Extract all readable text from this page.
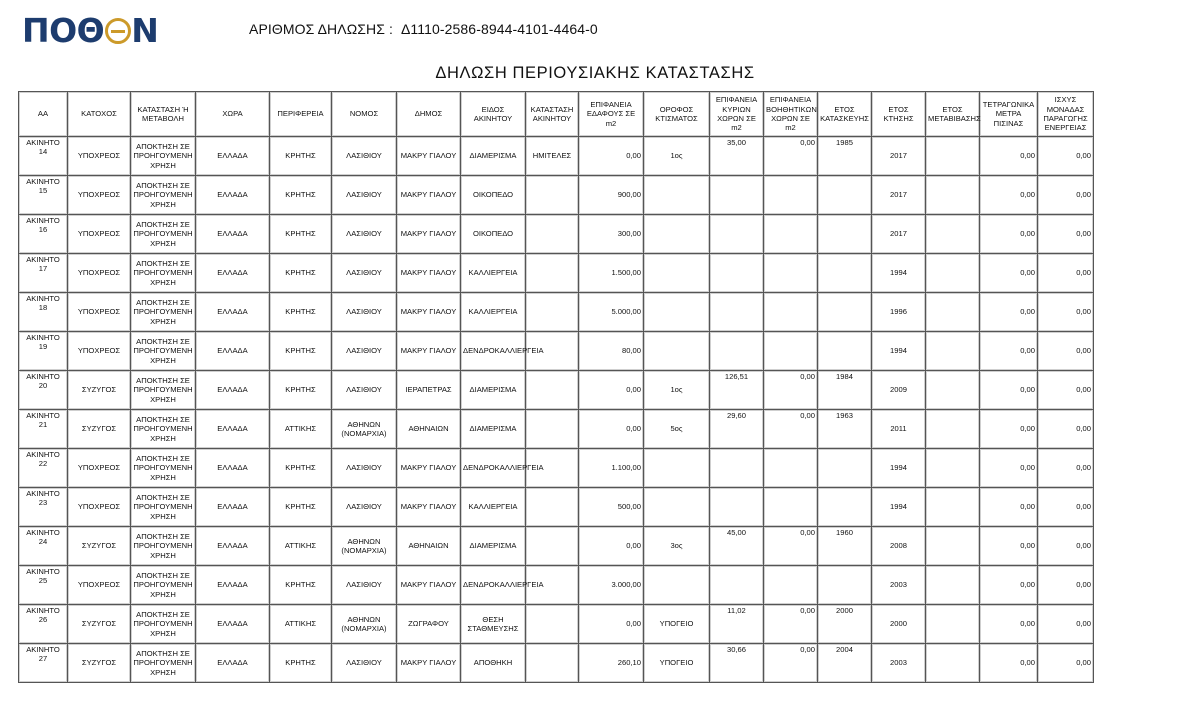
ΠΟΘ Ν	ΑΡΙΘΜΟΣ ΔΗΛΩΣΗΣ : Δ1110-2586-8944-4101-4464-0
ΔΗΛΩΣΗ ΠΕΡΙΟΥΣΙΑΚΗΣ ΚΑΤΑΣΤΑΣΗΣ
ΑΑ	ΚΑΤΟΧΟΣ	ΚΑΤΑΣΤΑΣΗ Ή ΜΕΤΑΒΟΛΗ	ΧΩΡΑ	ΠΕΡΙΦΕΡΕΙΑ	ΝΟΜΟΣ	ΔΗΜΟΣ	ΕΙΔΟΣ ΑΚΙΝΗΤΟΥ	ΚΑΤΑΣΤΑΣΗ ΑΚΙΝΗΤΟΥ	ΕΠΙΦΑΝΕΙΑ ΕΔΑΦΟΥΣ ΣΕ m2	ΟΡΟΦΟΣ ΚΤΙΣΜΑΤΟΣ	ΕΠΙΦΑΝΕΙΑ ΚΥΡΙΩΝ ΧΩΡΩΝ ΣΕ m2	ΕΠΙΦΑΝΕΙΑ ΒΟΗΘΗΤΙΚΩΝ ΧΩΡΩΝ ΣΕ m2	ΕΤΟΣ ΚΑΤΑΣΚΕΥΗΣ	ΕΤΟΣ ΚΤΗΣΗΣ	ΕΤΟΣ ΜΕΤΑΒΙΒΑΣΗΣ	ΤΕΤΡΑΓΩΝΙΚΑ ΜΕΤΡΑ ΠΙΣΙΝΑΣ	ΙΣΧΥΣ ΜΟΝΑΔΑΣ ΠΑΡΑΓΩΓΗΣ ΕΝΕΡΓΕΙΑΣ
ΑΚΙΝΗΤΟ 14	ΥΠΟΧΡΕΟΣ	ΑΠΟΚΤΗΣΗ ΣΕ ΠΡΟΗΓΟΥΜΕΝΗ ΧΡΗΣΗ	ΕΛΛΑΔΑ	ΚΡΗΤΗΣ	ΛΑΣΙΘΙΟΥ	ΜΑΚΡΥ ΓΙΑΛΟΥ	ΔΙΑΜΕΡΙΣΜΑ	ΗΜΙΤΕΛΕΣ	0,00	1ος	35,00	0,00	1985	2017		0,00	0,00
ΑΚΙΝΗΤΟ 15	ΥΠΟΧΡΕΟΣ	ΑΠΟΚΤΗΣΗ ΣΕ ΠΡΟΗΓΟΥΜΕΝΗ ΧΡΗΣΗ	ΕΛΛΑΔΑ	ΚΡΗΤΗΣ	ΛΑΣΙΘΙΟΥ	ΜΑΚΡΥ ΓΙΑΛΟΥ	ΟΙΚΟΠΕΔΟ		900,00					2017		0,00	0,00
ΑΚΙΝΗΤΟ 16	ΥΠΟΧΡΕΟΣ	ΑΠΟΚΤΗΣΗ ΣΕ ΠΡΟΗΓΟΥΜΕΝΗ ΧΡΗΣΗ	ΕΛΛΑΔΑ	ΚΡΗΤΗΣ	ΛΑΣΙΘΙΟΥ	ΜΑΚΡΥ ΓΙΑΛΟΥ	ΟΙΚΟΠΕΔΟ		300,00					2017		0,00	0,00
ΑΚΙΝΗΤΟ 17	ΥΠΟΧΡΕΟΣ	ΑΠΟΚΤΗΣΗ ΣΕ ΠΡΟΗΓΟΥΜΕΝΗ ΧΡΗΣΗ	ΕΛΛΑΔΑ	ΚΡΗΤΗΣ	ΛΑΣΙΘΙΟΥ	ΜΑΚΡΥ ΓΙΑΛΟΥ	ΚΑΛΛΙΕΡΓΕΙΑ		1.500,00					1994		0,00	0,00
ΑΚΙΝΗΤΟ 18	ΥΠΟΧΡΕΟΣ	ΑΠΟΚΤΗΣΗ ΣΕ ΠΡΟΗΓΟΥΜΕΝΗ ΧΡΗΣΗ	ΕΛΛΑΔΑ	ΚΡΗΤΗΣ	ΛΑΣΙΘΙΟΥ	ΜΑΚΡΥ ΓΙΑΛΟΥ	ΚΑΛΛΙΕΡΓΕΙΑ		5.000,00					1996		0,00	0,00
ΑΚΙΝΗΤΟ 19	ΥΠΟΧΡΕΟΣ	ΑΠΟΚΤΗΣΗ ΣΕ ΠΡΟΗΓΟΥΜΕΝΗ ΧΡΗΣΗ	ΕΛΛΑΔΑ	ΚΡΗΤΗΣ	ΛΑΣΙΘΙΟΥ	ΜΑΚΡΥ ΓΙΑΛΟΥ	ΔΕΝΔΡΟΚΑΛΛΙΕΡΓΕΙΑ		80,00					1994		0,00	0,00
ΑΚΙΝΗΤΟ 20	ΣΥΖΥΓΟΣ	ΑΠΟΚΤΗΣΗ ΣΕ ΠΡΟΗΓΟΥΜΕΝΗ ΧΡΗΣΗ	ΕΛΛΑΔΑ	ΚΡΗΤΗΣ	ΛΑΣΙΘΙΟΥ	ΙΕΡΑΠΕΤΡΑΣ	ΔΙΑΜΕΡΙΣΜΑ		0,00	1ος	126,51	0,00	1984	2009		0,00	0,00
ΑΚΙΝΗΤΟ 21	ΣΥΖΥΓΟΣ	ΑΠΟΚΤΗΣΗ ΣΕ ΠΡΟΗΓΟΥΜΕΝΗ ΧΡΗΣΗ	ΕΛΛΑΔΑ	ΑΤΤΙΚΗΣ	ΑΘΗΝΩΝ (ΝΟΜΑΡΧΙΑ)	ΑΘΗΝΑΙΩΝ	ΔΙΑΜΕΡΙΣΜΑ		0,00	5ος	29,60	0,00	1963	2011		0,00	0,00
ΑΚΙΝΗΤΟ 22	ΥΠΟΧΡΕΟΣ	ΑΠΟΚΤΗΣΗ ΣΕ ΠΡΟΗΓΟΥΜΕΝΗ ΧΡΗΣΗ	ΕΛΛΑΔΑ	ΚΡΗΤΗΣ	ΛΑΣΙΘΙΟΥ	ΜΑΚΡΥ ΓΙΑΛΟΥ	ΔΕΝΔΡΟΚΑΛΛΙΕΡΓΕΙΑ		1.100,00					1994		0,00	0,00
ΑΚΙΝΗΤΟ 23	ΥΠΟΧΡΕΟΣ	ΑΠΟΚΤΗΣΗ ΣΕ ΠΡΟΗΓΟΥΜΕΝΗ ΧΡΗΣΗ	ΕΛΛΑΔΑ	ΚΡΗΤΗΣ	ΛΑΣΙΘΙΟΥ	ΜΑΚΡΥ ΓΙΑΛΟΥ	ΚΑΛΛΙΕΡΓΕΙΑ		500,00					1994		0,00	0,00
ΑΚΙΝΗΤΟ 24	ΣΥΖΥΓΟΣ	ΑΠΟΚΤΗΣΗ ΣΕ ΠΡΟΗΓΟΥΜΕΝΗ ΧΡΗΣΗ	ΕΛΛΑΔΑ	ΑΤΤΙΚΗΣ	ΑΘΗΝΩΝ (ΝΟΜΑΡΧΙΑ)	ΑΘΗΝΑΙΩΝ	ΔΙΑΜΕΡΙΣΜΑ		0,00	3ος	45,00	0,00	1960	2008		0,00	0,00
ΑΚΙΝΗΤΟ 25	ΥΠΟΧΡΕΟΣ	ΑΠΟΚΤΗΣΗ ΣΕ ΠΡΟΗΓΟΥΜΕΝΗ ΧΡΗΣΗ	ΕΛΛΑΔΑ	ΚΡΗΤΗΣ	ΛΑΣΙΘΙΟΥ	ΜΑΚΡΥ ΓΙΑΛΟΥ	ΔΕΝΔΡΟΚΑΛΛΙΕΡΓΕΙΑ		3.000,00					2003		0,00	0,00
ΑΚΙΝΗΤΟ 26	ΣΥΖΥΓΟΣ	ΑΠΟΚΤΗΣΗ ΣΕ ΠΡΟΗΓΟΥΜΕΝΗ ΧΡΗΣΗ	ΕΛΛΑΔΑ	ΑΤΤΙΚΗΣ	ΑΘΗΝΩΝ (ΝΟΜΑΡΧΙΑ)	ΖΩΓΡΑΦΟΥ	ΘΕΣΗ ΣΤΑΘΜΕΥΣΗΣ		0,00	ΥΠΟΓΕΙΟ	11,02	0,00	2000	2000		0,00	0,00
ΑΚΙΝΗΤΟ 27	ΣΥΖΥΓΟΣ	ΑΠΟΚΤΗΣΗ ΣΕ ΠΡΟΗΓΟΥΜΕΝΗ ΧΡΗΣΗ	ΕΛΛΑΔΑ	ΚΡΗΤΗΣ	ΛΑΣΙΘΙΟΥ	ΜΑΚΡΥ ΓΙΑΛΟΥ	ΑΠΟΘΗΚΗ		260,10	ΥΠΟΓΕΙΟ	30,66	0,00	2004	2003		0,00	0,00
